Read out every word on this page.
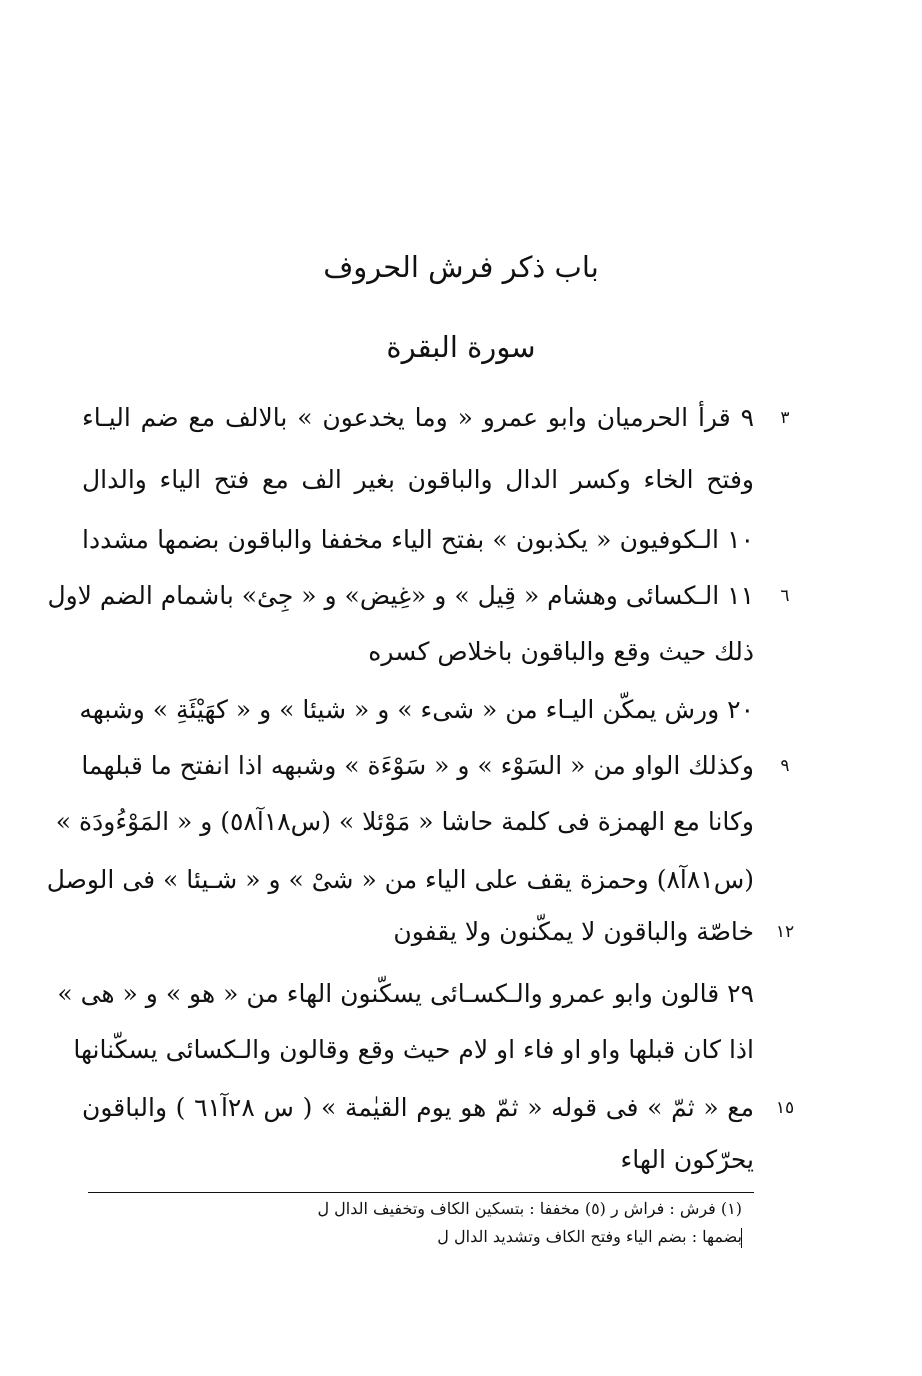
باب ذكر فرش الحروف
سورة البقرة
٣
٩ قرأ الحرميان وابو عمرو « وما يخدعون » بالالف مع ضم اليـاء
وفتح الخاء وكسر الدال والباقون بغير الف مع فتح الياء والدال
١٠ الـكوفيون « يكذبون » بفتح الياء مخففا والباقون بضمها مشددا
٦
١١ الـكسائى وهشام « قِيل » و «غِيض» و « جِئ» باشمام الضم لاول
ذلك حيث وقع والباقون باخلاص كسره
٢٠ ورش يمكّن اليـاء من « شىء » و « شيئا » و « كهَيْئَةِ » وشبهه
٩
وكذلك الواو من « السَوْء » و « سَوْءَة » وشبهه اذا انفتح ما قبلهما
وكانا مع الهمزة فى كلمة حاشا « مَوْئلا » (س١٨آ٥٨) و « المَوْءُودَة »
(س٨١آ٨) وحمزة يقف على الياء من « شىْ » و « شـيئا » فى الوصل
١٢
خاصّة والباقون لا يمكّنون ولا يقفون
٢٩ قالون وابو عمرو والـكسـائى يسكّنون الهاء من « هو » و « هى »
اذا كان قبلها واو او فاء او لام حيث وقع وقالون والـكسائى يسكّنانها
١٥
مع « ثمّ » فى قوله « ثمّ هو يوم القيٰمة » ( س ٢٨آ٦١ ) والباقون
يحرّكون الهاء
(١) فرش : فراش ر (٥) مخففا : بتسكين الكاف وتخفيف الدال ل
بضمها : بضم الياء وفتح الكاف وتشديد الدال ل
